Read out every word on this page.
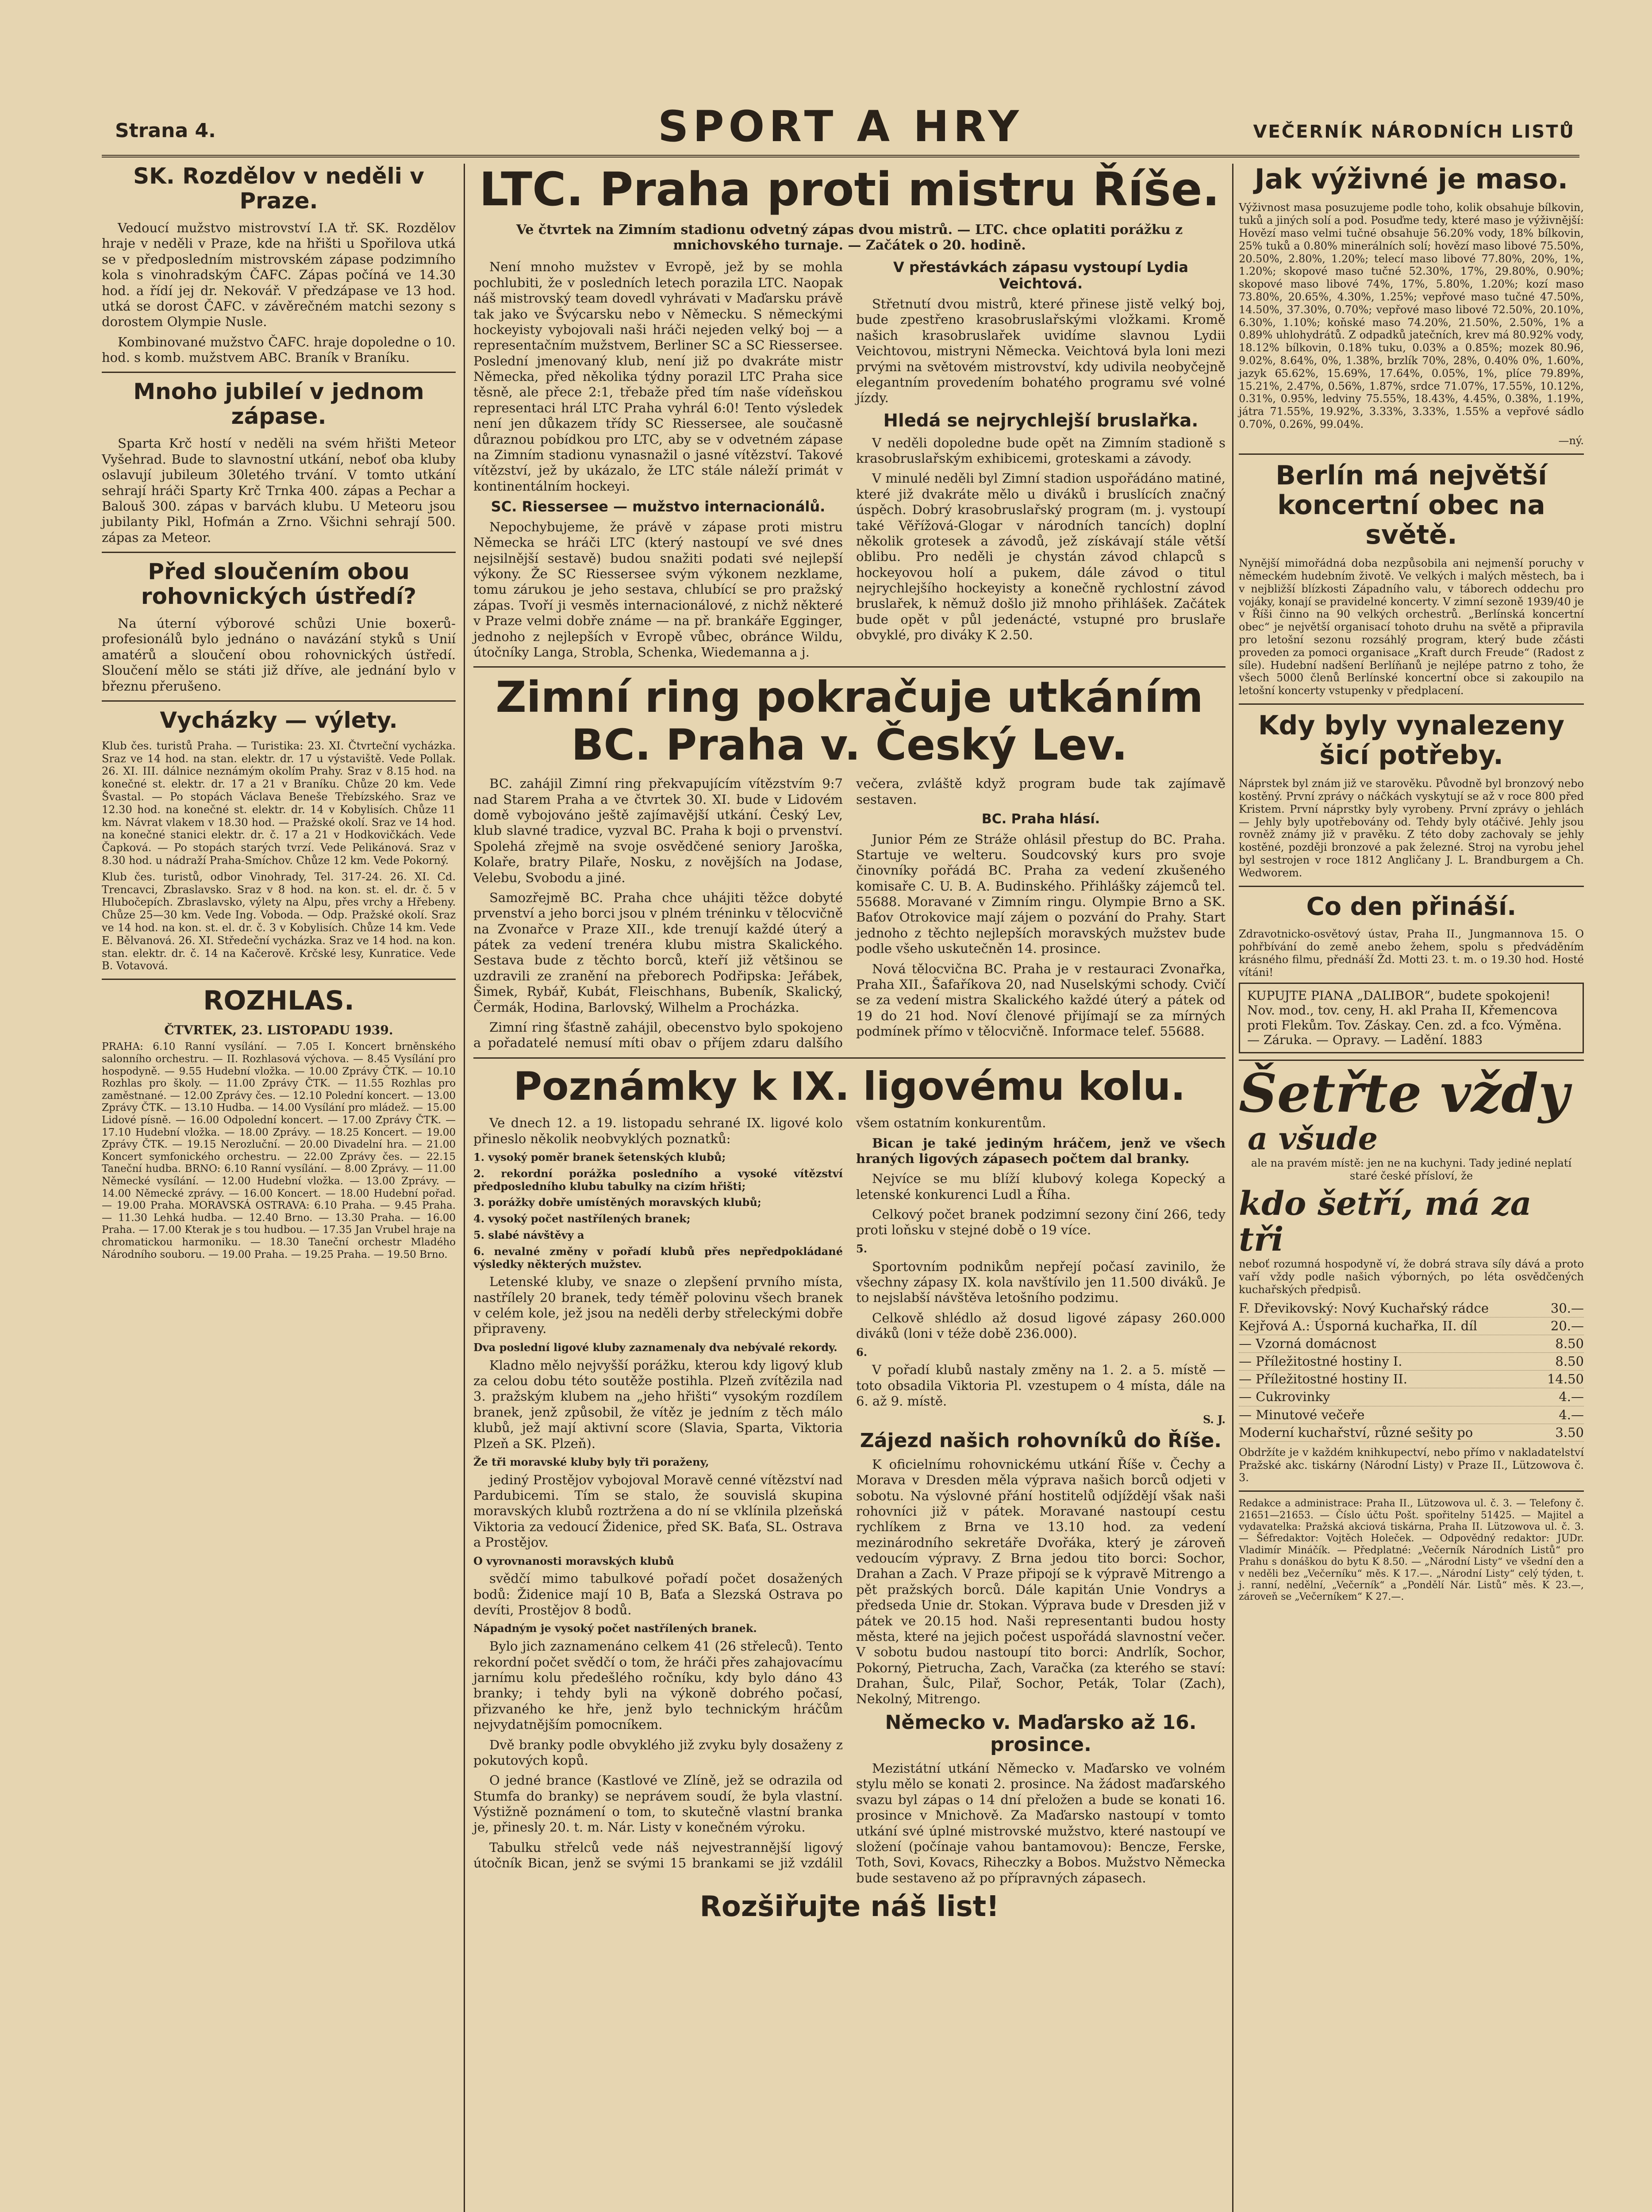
Strana 4.	SPORT A HRY	VEČERNÍK NÁRODNÍCH LISTŮ
SK. Rozdělov v neděli v Praze.

Vedoucí mužstvo mistrovství I.A tř. SK. Rozdělov hraje v neděli v Praze, kde na hřišti u Spořilova utká se v předposledním mistrovském zápase podzimního kola s vinohradským ČAFC. Zápas počíná ve 14.30 hod. a řídí jej dr. Nekovář. V předzápase ve 13 hod. utká se dorost ČAFC. v závěrečném matchi sezony s dorostem Olympie Nusle.

Kombinované mužstvo ČAFC. hraje dopoledne o 10. hod. s komb. mužstvem ABC. Braník v Braníku.

Mnoho jubileí v jednom zápase.

Sparta Krč hostí v neděli na svém hřišti Meteor Vyšehrad. Bude to slavnostní utkání, neboť oba kluby oslavují jubileum 30letého trvání. V tomto utkání sehrají hráči Sparty Krč Trnka 400. zápas a Pechar a Balouš 300. zápas v barvách klubu. U Meteoru jsou jubilanty Pikl, Hofmán a Zrno. Všichni sehrají 500. zápas za Meteor.

Před sloučením obou rohovnických ústředí?

Na úterní výborové schůzi Unie boxerů-profesionálů bylo jednáno o navázání styků s Unií amatérů a sloučení obou rohovnických ústředí. Sloučení mělo se státi již dříve, ale jednání bylo v březnu přerušeno.

Vycházky — výlety.

Klub čes. turistů Praha. — Turistika: 23. XI. Čtvrteční vycházka. Sraz ve 14 hod. na stan. elektr. dr. 17 u výstaviště. Vede Pollak. 26. XI. III. dálnice neznámým okolím Prahy. Sraz v 8.15 hod. na konečné st. elektr. dr. 17 a 21 v Braníku. Chůze 20 km. Vede Švastal. — Po stopách Václava Beneše Třebízského. Sraz ve 12.30 hod. na konečné st. elektr. dr. 14 v Kobylisích. Chůze 11 km. Návrat vlakem v 18.30 hod. — Pražské okolí. Sraz ve 14 hod. na konečné stanici elektr. dr. č. 17 a 21 v Hodkovičkách. Vede Čapková. — Po stopách starých tvrzí. Vede Pelikánová. Sraz v 8.30 hod. u nádraží Praha-Smíchov. Chůze 12 km. Vede Pokorný.

Klub čes. turistů, odbor Vinohrady, Tel. 317-24. 26. XI. Cd. Trencavci, Zbraslavsko. Sraz v 8 hod. na kon. st. el. dr. č. 5 v Hlubočepích. Zbraslavsko, výlety na Alpu, přes vrchy a Hřebeny. Chůze 25—30 km. Vede Ing. Voboda. — Odp. Pražské okolí. Sraz ve 14 hod. na kon. st. el. dr. č. 3 v Kobylisích. Chůze 14 km. Vede E. Bělvanová. 26. XI. Středeční vycházka. Sraz ve 14 hod. na kon. stan. elektr. dr. č. 14 na Kačerově. Krčské lesy, Kunratice. Vede B. Votavová.

ROZHLAS.
ČTVRTEK, 23. LISTOPADU 1939.

PRAHA: 6.10 Ranní vysílání. — 7.05 I. Koncert brněnského salonního orchestru. — II. Rozhlasová výchova. — 8.45 Vysílání pro hospodyně. — 9.55 Hudební vložka. — 10.00 Zprávy ČTK. — 10.10 Rozhlas pro školy. — 11.00 Zprávy ČTK. — 11.55 Rozhlas pro zaměstnané. — 12.00 Zprávy čes. — 12.10 Polední koncert. — 13.00 Zprávy ČTK. — 13.10 Hudba. — 14.00 Vysílání pro mládež. — 15.00 Lidové písně. — 16.00 Odpolední koncert. — 17.00 Zprávy ČTK. — 17.10 Hudební vložka. — 18.00 Zprávy. — 18.25 Koncert. — 19.00 Zprávy ČTK. — 19.15 Nerozluční. — 20.00 Divadelní hra. — 21.00 Koncert symfonického orchestru. — 22.00 Zprávy čes. — 22.15 Taneční hudba. BRNO: 6.10 Ranní vysílání. — 8.00 Zprávy. — 11.00 Německé vysílání. — 12.00 Hudební vložka. — 13.00 Zprávy. — 14.00 Německé zprávy. — 16.00 Koncert. — 18.00 Hudební pořad. — 19.00 Praha. MORAVSKÁ OSTRAVA: 6.10 Praha. — 9.45 Praha. — 11.30 Lehká hudba. — 12.40 Brno. — 13.30 Praha. — 16.00 Praha. — 17.00 Kterak je s tou hudbou. — 17.35 Jan Vrubel hraje na chromatickou harmoniku. — 18.30 Taneční orchestr Mladého Národního souboru. — 19.00 Praha. — 19.25 Praha. — 19.50 Brno.

LTC. Praha proti mistru Říše.
Ve čtvrtek na Zimním stadionu odvetný zápas dvou mistrů. — LTC. chce oplatiti porážku z mnichovského turnaje. — Začátek o 20. hodině.

Není mnoho mužstev v Evropě, jež by se mohla pochlubiti, že v posledních letech porazila LTC. Naopak náš mistrovský team dovedl vyhrávati v Maďarsku právě tak jako ve Švýcarsku nebo v Německu. S německými hockeyisty vybojovali naši hráči nejeden velký boj — a representačním mužstvem, Berliner SC a SC Riessersee. Poslední jmenovaný klub, není již po dvakráte mistr Německa, před několika týdny porazil LTC Praha sice těsně, ale přece 2:1, třebaže před tím naše vídeňskou representaci hrál LTC Praha vyhrál 6:0! Tento výsledek není jen důkazem třídy SC Riessersee, ale současně důraznou pobídkou pro LTC, aby se v odvetném zápase na Zimním stadionu vynasnažil o jasné vítězství. Takové vítězství, jež by ukázalo, že LTC stále náleží primát v kontinentálním hockeyi.

SC. Riessersee — mužstvo internacionálů.

Nepochybujeme, že právě v zápase proti mistru Německa se hráči LTC (který nastoupí ve své dnes nejsilnější sestavě) budou snažiti podati své nejlepší výkony. Že SC Riessersee svým výkonem nezklame, tomu zárukou je jeho sestava, chlubící se pro pražský zápas. Tvoří ji vesměs internacionálové, z nichž některé v Praze velmi dobře známe — na př. brankáře Egginger, jednoho z nejlepších v Evropě vůbec, obránce Wildu, útočníky Langa, Strobla, Schenka, Wiedemanna a j.

V přestávkách zápasu vystoupí Lydia Veichtová.

Střetnutí dvou mistrů, které přinese jistě velký boj, bude zpestřeno krasobruslařskými vložkami. Kromě našich krasobruslařek uvidíme slavnou Lydii Veichtovou, mistryni Německa. Veichtová byla loni mezi prvými na světovém mistrovství, kdy udivila neobyčejně elegantním provedením bohatého programu své volné jízdy.

Hledá se nejrychlejší bruslařka.

V neděli dopoledne bude opět na Zimním stadioně s krasobruslařským exhibicemi, groteskami a závody.

V minulé neděli byl Zimní stadion uspořádáno matiné, které již dvakráte mělo u diváků i bruslících značný úspěch. Dobrý krasobruslařský program (m. j. vystoupí také Věřížová-Glogar v národních tancích) doplní několik grotesek a závodů, jež získávají stále větší oblibu. Pro neděli je chystán závod chlapců s hockeyovou holí a pukem, dále závod o titul nejrychlejšího hockeyisty a konečně rychlostní závod bruslařek, k němuž došlo již mnoho přihlášek. Začátek bude opět v půl jedenácté, vstupné pro bruslaře obvyklé, pro diváky K 2.50.

Zimní ring pokračuje utkáním BC. Praha v. Český Lev.

BC. zahájil Zimní ring překvapujícím vítězstvím 9:7 nad Starem Praha a ve čtvrtek 30. XI. bude v Lidovém domě vybojováno ještě zajímavější utkání. Český Lev, klub slavné tradice, vyzval BC. Praha k boji o prvenství. Spolehá zřejmě na svoje osvědčené seniory Jaroška, Kolaře, bratry Pilaře, Nosku, z novějších na Jodase, Velebu, Svobodu a jiné.

Samozřejmě BC. Praha chce uhájiti těžce dobyté prvenství a jeho borci jsou v plném tréninku v tělocvičně na Zvonařce v Praze XII., kde trenují každé úterý a pátek za vedení trenéra klubu mistra Skalického. Sestava bude z těchto borců, kteří již většinou se uzdravili ze zranění na přeborech Podřipska: Jeřábek, Šimek, Rybář, Kubát, Fleischhans, Bubeník, Skalický, Čermák, Hodina, Barlovský, Wilhelm a Procházka.

Zimní ring šťastně zahájil, obecenstvo bylo spokojeno a pořadatelé nemusí míti obav o příjem zdaru dalšího večera, zvláště když program bude tak zajímavě sestaven.

BC. Praha hlásí.

Junior Pém ze Stráže ohlásil přestup do BC. Praha. Startuje ve welteru. Soudcovský kurs pro svoje činovníky pořádá BC. Praha za vedení zkušeného komisaře C. U. B. A. Budinského. Přihlášky zájemců tel. 55688. Moravané v Zimním ringu. Olympie Brno a SK. Baťov Otrokovice mají zájem o pozvání do Prahy. Start jednoho z těchto nejlepších moravských mužstev bude podle všeho uskutečněn 14. prosince.

Nová tělocvična BC. Praha je v restauraci Zvonařka, Praha XII., Šafaříkova 20, nad Nuselskými schody. Cvičí se za vedení mistra Skalického každé úterý a pátek od 19 do 21 hod. Noví členové přijímají se za mírných podmínek přímo v tělocvičně. Informace telef. 55688.

Poznámky k IX. ligovému kolu.

Ve dnech 12. a 19. listopadu sehrané IX. ligové kolo přineslo několik neobvyklých poznatků:

1. vysoký poměr branek šetenských klubů;

2. rekordní porážka posledního a vysoké vítězství předposledního klubu tabulky na cizím hřišti;

3. porážky dobře umístěných moravských klubů;

4. vysoký počet nastřílených branek;

5. slabé návštěvy a

6. nevalné změny v pořadí klubů přes nepředpokládané výsledky některých mužstev.

Letenské kluby, ve snaze o zlepšení prvního místa, nastřílely 20 branek, tedy téměř polovinu všech branek v celém kole, jež jsou na neděli derby střeleckými dobře připraveny.

Dva poslední ligové kluby zaznamenaly dva nebývalé rekordy.

Kladno mělo nejvyšší porážku, kterou kdy ligový klub za celou dobu této soutěže postihla. Plzeň zvítězila nad 3. pražským klubem na „jeho hřišti“ vysokým rozdílem branek, jenž způsobil, že vítěz je jedním z těch málo klubů, jež mají aktivní score (Slavia, Sparta, Viktoria Plzeň a SK. Plzeň).

Že tři moravské kluby byly tři poraženy,

jediný Prostějov vybojoval Moravě cenné vítězství nad Pardubicemi. Tím se stalo, že souvislá skupina moravských klubů roztržena a do ní se vklínila plzeňská Viktoria za vedoucí Židenice, před SK. Baťa, SL. Ostrava a Prostějov.

O vyrovnanosti moravských klubů

svědčí mimo tabulkové pořadí počet dosažených bodů: Židenice mají 10 B, Baťa a Slezská Ostrava po devíti, Prostějov 8 bodů.

Nápadným je vysoký počet nastřílených branek.

Bylo jich zaznamenáno celkem 41 (26 střeleců). Tento rekordní počet svědčí o tom, že hráči přes zahajovacímu jarnímu kolu předešlého ročníku, kdy bylo dáno 43 branky; i tehdy byli na výkoně dobrého počasí, přizvaného ke hře, jenž bylo technickým hráčům nejvydatnějším pomocníkem.

Dvě branky podle obvyklého již zvyku byly dosaženy z pokutových kopů.

O jedné brance (Kastlové ve Zlíně, jež se odrazila od Stumfa do branky) se neprávem soudí, že byla vlastní. Výstižně poznámení o tom, to skutečně vlastní branka je, přinesly 20. t. m. Nár. Listy v konečném výroku.

Tabulku střelců vede náš nejvestrannější ligový útočník Bican, jenž se svými 15 brankami se již vzdálil všem ostatním konkurentům.

Bican je také jediným hráčem, jenž ve všech hraných ligových zápasech počtem dal branky.

Nejvíce se mu blíží klubový kolega Kopecký a letenské konkurenci Ludl a Říha.

Celkový počet branek podzimní sezony činí 266, tedy proti loňsku v stejné době o 19 více.

5.

Sportovním podnikům nepřejí počasí zavinilo, že všechny zápasy IX. kola navštívilo jen 11.500 diváků. Je to nejslabší návštěva letošního podzimu.

Celkově shlédlo až dosud ligové zápasy 260.000 diváků (loni v téže době 236.000).

6.

V pořadí klubů nastaly změny na 1. 2. a 5. místě — toto obsadila Viktoria Pl. vzestupem o 4 místa, dále na 6. až 9. místě.

S. J.

Zájezd našich rohovníků do Říše.

K oficielnímu rohovnickému utkání Říše v. Čechy a Morava v Dresden měla výprava našich borců odjeti v sobotu. Na výslovné přání hostitelů odjíždějí však naši rohovníci již v pátek. Moravané nastoupí cestu rychlíkem z Brna ve 13.10 hod. za vedení mezinárodního sekretáře Dvořáka, který je zároveň vedoucím výpravy. Z Brna jedou tito borci: Sochor, Drahan a Zach. V Praze připojí se k výpravě Mitrengo a pět pražských borců. Dále kapitán Unie Vondrys a předseda Unie dr. Stokan. Výprava bude v Dresden již v pátek ve 20.15 hod. Naši representanti budou hosty města, které na jejich počest uspořádá slavnostní večer. V sobotu budou nastoupí tito borci: Andrlík, Sochor, Pokorný, Pietrucha, Zach, Varačka (za kterého se staví: Drahan, Šulc, Pilař, Sochor, Peták, Tolar (Zach), Nekolný, Mitrengo.

Německo v. Maďarsko až 16. prosince.

Mezistátní utkání Německo v. Maďarsko ve volném stylu mělo se konati 2. prosince. Na žádost maďarského svazu byl zápas o 14 dní přeložen a bude se konati 16. prosince v Mnichově. Za Maďarsko nastoupí v tomto utkání své úplné mistrovské mužstvo, které nastoupí ve složení (počínaje vahou bantamovou): Bencze, Ferske, Toth, Sovi, Kovacs, Riheczky a Bobos. Mužstvo Německa bude sestaveno až po přípravných zápasech.

Rozšiřujte náš list!
Jak výživné je maso.

Výživnost masa posuzujeme podle toho, kolik obsahuje bílkovin, tuků a jiných solí a pod. Posuďme tedy, které maso je výživnější: Hovězí maso velmi tučné obsahuje 56.20% vody, 18% bílkovin, 25% tuků a 0.80% minerálních solí; hovězí maso libové 75.50%, 20.50%, 2.80%, 1.20%; telecí maso libové 77.80%, 20%, 1%, 1.20%; skopové maso tučné 52.30%, 17%, 29.80%, 0.90%; skopové maso libové 74%, 17%, 5.80%, 1.20%; kozí maso 73.80%, 20.65%, 4.30%, 1.25%; vepřové maso tučné 47.50%, 14.50%, 37.30%, 0.70%; vepřové maso libové 72.50%, 20.10%, 6.30%, 1.10%; koňské maso 74.20%, 21.50%, 2.50%, 1% a 0.89% uhlohydrátů. Z odpadků jatečních, krev má 80.92% vody, 18.12% bílkovin, 0.18% tuku, 0.03% a 0.85%; mozek 80.96, 9.02%, 8.64%, 0%, 1.38%, brzlík 70%, 28%, 0.40% 0%, 1.60%, jazyk 65.62%, 15.69%, 17.64%, 0.05%, 1%, plíce 79.89%, 15.21%, 2.47%, 0.56%, 1.87%, srdce 71.07%, 17.55%, 10.12%, 0.31%, 0.95%, ledviny 75.55%, 18.43%, 4.45%, 0.38%, 1.19%, játra 71.55%, 19.92%, 3.33%, 3.33%, 1.55% a vepřové sádlo 0.70%, 0.26%, 99.04%.

—ný.

Berlín má největší koncertní obec na světě.

Nynější mimořádná doba nezpůsobila ani nejmenší poruchy v německém hudebním životě. Ve velkých i malých městech, ba i v nejbližší blízkosti Západního valu, v táborech oddechu pro vojáky, konají se pravidelné koncerty. V zimní sezoně 1939/40 je v Říši činno na 90 velkých orchestrů. „Berlínská koncertní obec“ je největší organisací tohoto druhu na světě a připravila pro letošní sezonu rozsáhlý program, který bude zčásti proveden za pomoci organisace „Kraft durch Freude“ (Radost z síle). Hudební nadšení Berlíňanů je nejlépe patrno z toho, že všech 5000 členů Berlínské koncertní obce si zakoupilo na letošní koncerty vstupenky v předplacení.

Kdy byly vynalezeny šicí potřeby.

Náprstek byl znám již ve starověku. Původně byl bronzový nebo kostěný. První zprávy o náčkách vyskytují se až v roce 800 před Kristem. První náprstky byly vyrobeny. První zprávy o jehlách — Jehly byly upotřebovány od. Tehdy byly otáčivé. Jehly jsou rovněž známy již v pravěku. Z této doby zachovaly se jehly kostěné, později bronzové a pak železné. Stroj na vyrobu jehel byl sestrojen v roce 1812 Angličany J. L. Brandburgem a Ch. Wedworem.

Co den přináší.

Zdravotnicko-osvětový ústav, Praha II., Jungmannova 15. O pohřbívání do země anebo žehem, spolu s předváděním krásného filmu, přednáší Žd. Motti 23. t. m. o 19.30 hod. Hosté vítáni!

KUPUJTE PIANA „DALIBOR“, budete spokojeni! Nov. mod., tov. ceny, H. akl Praha II, Křemencova proti Flekům. Tov. Záskay. Cen. zd. a fco. Výměna. — Záruka. — Opravy. — Ladění. 1883
Šetřte vždy
a všude

ale na pravém místě: jen ne na kuchyni. Tady jediné neplatí staré české přísloví, že

kdo šetří, má za tři

neboť rozumná hospodyně ví, že dobrá strava síly dává a proto vaří vždy podle našich výborných, po léta osvědčených kuchařských předpisů.

F. Dřevikovský: Nový Kuchařský rádce	30.—
Kejřová A.: Úsporná kuchařka, II. díl	20.—
— Vzorná domácnost	8.50
— Příležitostné hostiny I.	8.50
— Příležitostné hostiny II.	14.50
— Cukrovinky	4.—
— Minutové večeře	4.—
Moderní kuchařství, různé sešity po	3.50

Obdržíte je v každém knihkupectví, nebo přímo v nakladatelství Pražské akc. tiskárny (Národní Listy) v Praze II., Lützowova č. 3.

Redakce a administrace: Praha II., Lützowova ul. č. 3. — Telefony č. 21651—21653. — Číslo účtu Pošt. spořitelny 51425. — Majitel a vydavatelka: Pražská akciová tiskárna, Praha II. Lützowova ul. č. 3. — Šéfredaktor: Vojtěch Holeček. — Odpovědný redaktor: JUDr. Vladimír Mináčík. — Předplatné: „Večerník Národních Listů“ pro Prahu s donáškou do bytu K 8.50. — „Národní Listy“ ve všední den a v neděli bez „Večerníku“ měs. K 17.—. „Národní Listy“ celý týden, t. j. ranní, nedělní, „Večerník“ a „Pondělí Nár. Listů“ měs. K 23.—, zároveň se „Večerníkem“ K 27.—.
